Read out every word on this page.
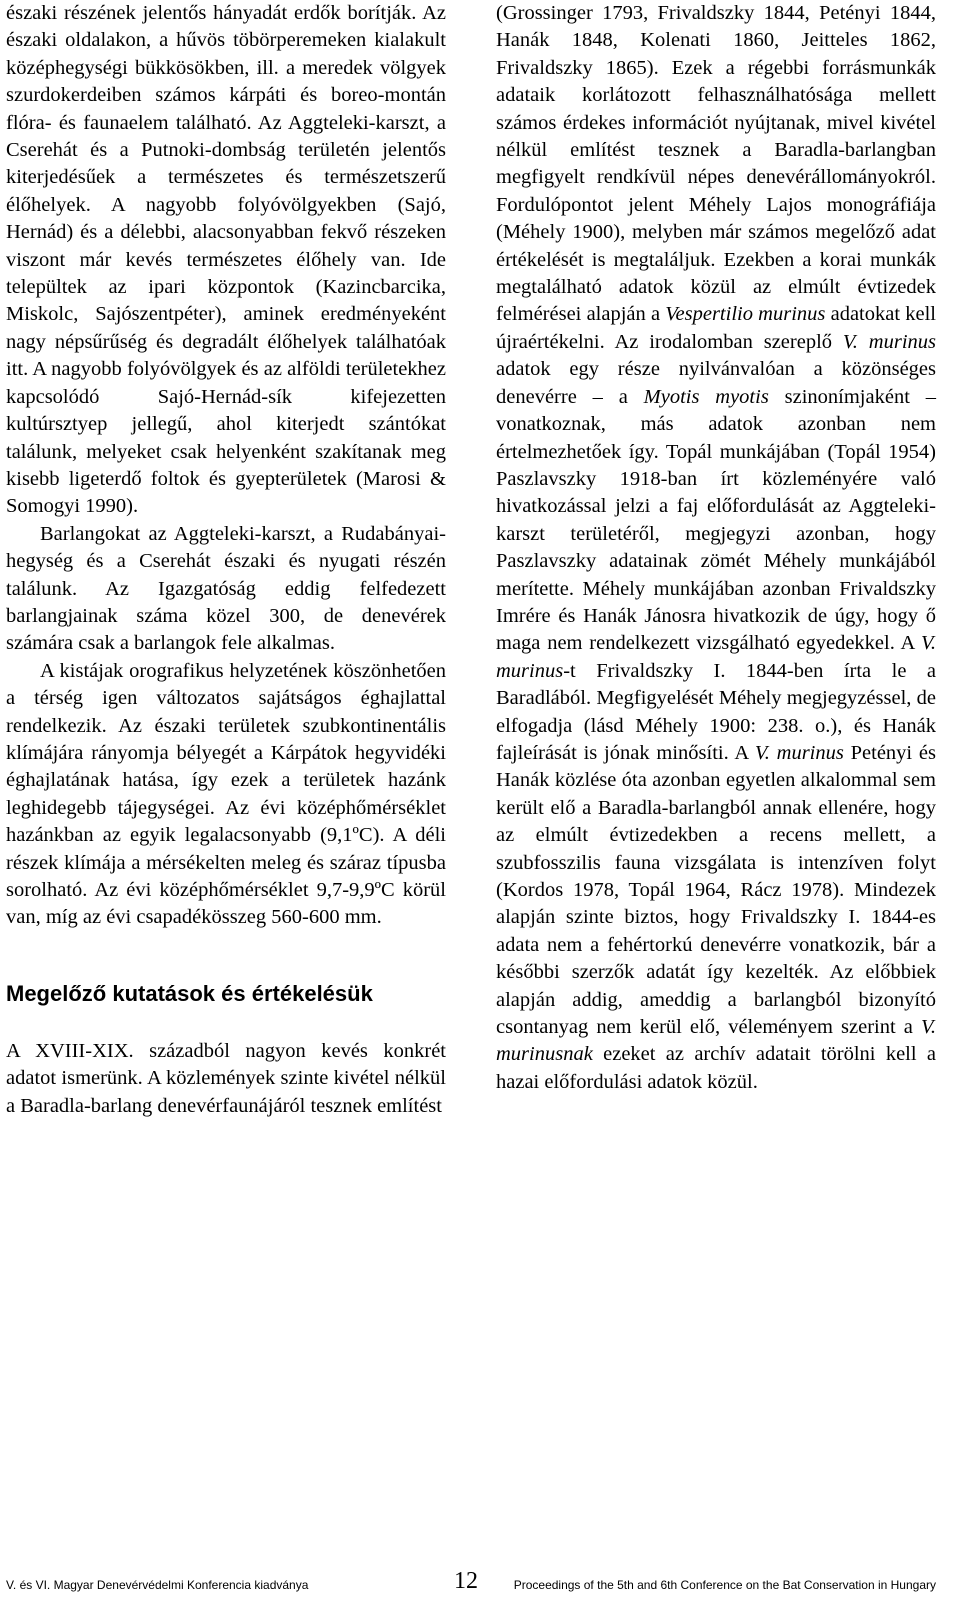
északi részének jelentős hányadát erdők borítják. Az északi oldalakon, a hűvös töbörperemeken kialakult középhegységi bükkösökben, ill. a meredek völgyek szurdokerdeiben számos kárpáti és boreo-montán flóra- és faunaelem található. Az Aggteleki-karszt, a Cserehát és a Putnoki-dombság területén jelentős kiterjedésűek a természetes és természetszerű élőhelyek. A nagyobb folyóvölgyekben (Sajó, Hernád) és a délebbi, alacsonyabban fekvő részeken viszont már kevés természetes élőhely van. Ide települtek az ipari központok (Kazincbarcika, Miskolc, Sajószentpéter), aminek eredményeként nagy népsűrűség és degradált élőhelyek találhatóak itt. A nagyobb folyóvölgyek és az alföldi területekhez kapcsolódó Sajó-Hernád-sík kifejezetten kultúrsztyep jellegű, ahol kiterjedt szántókat találunk, melyeket csak helyenként szakítanak meg kisebb ligeterdő foltok és gyepterületek (Marosi & Somogyi 1990).

Barlangokat az Aggteleki-karszt, a Rudabányai-hegység és a Cserehát északi és nyugati részén találunk. Az Igazgatóság eddig felfedezett barlangjainak száma közel 300, de denevérek számára csak a barlangok fele alkalmas.

A kistájak orografikus helyzetének köszönhetően a térség igen változatos sajátságos éghajlattal rendelkezik. Az északi területek szubkontinentális klímájára rányomja bélyegét a Kárpátok hegyvidéki éghajlatának hatása, így ezek a területek hazánk leghidegebb tájegységei. Az évi középhőmérséklet hazánkban az egyik legalacsonyabb (9,1ºC). A déli részek klímája a mérsékelten meleg és száraz típusba sorolható. Az évi középhőmérséklet 9,7-9,9ºC körül van, míg az évi csapadékösszeg 560-600 mm.

Megelőző kutatások és értékelésük

A XVIII-XIX. századból nagyon kevés konkrét adatot ismerünk. A közlemények szinte kivétel nélkül a Baradla-barlang denevérfaunájáról tesznek említést

(Grossinger 1793, Frivaldszky 1844, Petényi 1844, Hanák 1848, Kolenati 1860, Jeitteles 1862, Frivaldszky 1865). Ezek a régebbi forrásmunkák adataik korlátozott felhasználhatósága mellett számos érdekes információt nyújtanak, mivel kivétel nélkül említést tesznek a Baradla-barlangban megfigyelt rendkívül népes denevérállományokról. Fordulópontot jelent Méhely Lajos monográfiája (Méhely 1900), melyben már számos megelőző adat értékelését is megtaláljuk. Ezekben a korai munkák megtalálható adatok közül az elmúlt évtizedek felmérései alapján a Vespertilio murinus adatokat kell újraértékelni. Az irodalomban szereplő V. murinus adatok egy része nyilvánvalóan a közönséges denevérre – a Myotis myotis szinonímjaként – vonatkoznak, más adatok azonban nem értelmezhetőek így. Topál munkájában (Topál 1954) Paszlavszky 1918-ban írt közleményére való hivatkozással jelzi a faj előfordulását az Aggteleki-karszt területéről, megjegyzi azonban, hogy Paszlavszky adatainak zömét Méhely munkájából merítette. Méhely munkájában azonban Frivaldszky Imrére és Hanák Jánosra hivatkozik de úgy, hogy ő maga nem rendelkezett vizsgálható egyedekkel. A V. murinus-t Frivaldszky I. 1844-ben írta le a Baradlából. Megfigyelését Méhely megjegyzéssel, de elfogadja (lásd Méhely 1900: 238. o.), és Hanák fajleírását is jónak minősíti. A V. murinus Petényi és Hanák közlése óta azonban egyetlen alkalommal sem került elő a Baradla-barlangból annak ellenére, hogy az elmúlt évtizedekben a recens mellett, a szubfosszilis fauna vizsgálata is intenzíven folyt (Kordos 1978, Topál 1964, Rácz 1978). Mindezek alapján szinte biztos, hogy Frivaldszky I. 1844-es adata nem a fehértorkú denevérre vonatkozik, bár a későbbi szerzők adatát így kezelték. Az előbbiek alapján addig, ameddig a barlangból bizonyító csontanyag nem kerül elő, véleményem szerint a V. murinusnak ezeket az archív adatait törölni kell a hazai előfordulási adatok közül.

V. és VI. Magyar Denevérvédelmi Konferencia kiadványa	12	Proceedings of the 5th and 6th Conference on the Bat Conservation in Hungary
